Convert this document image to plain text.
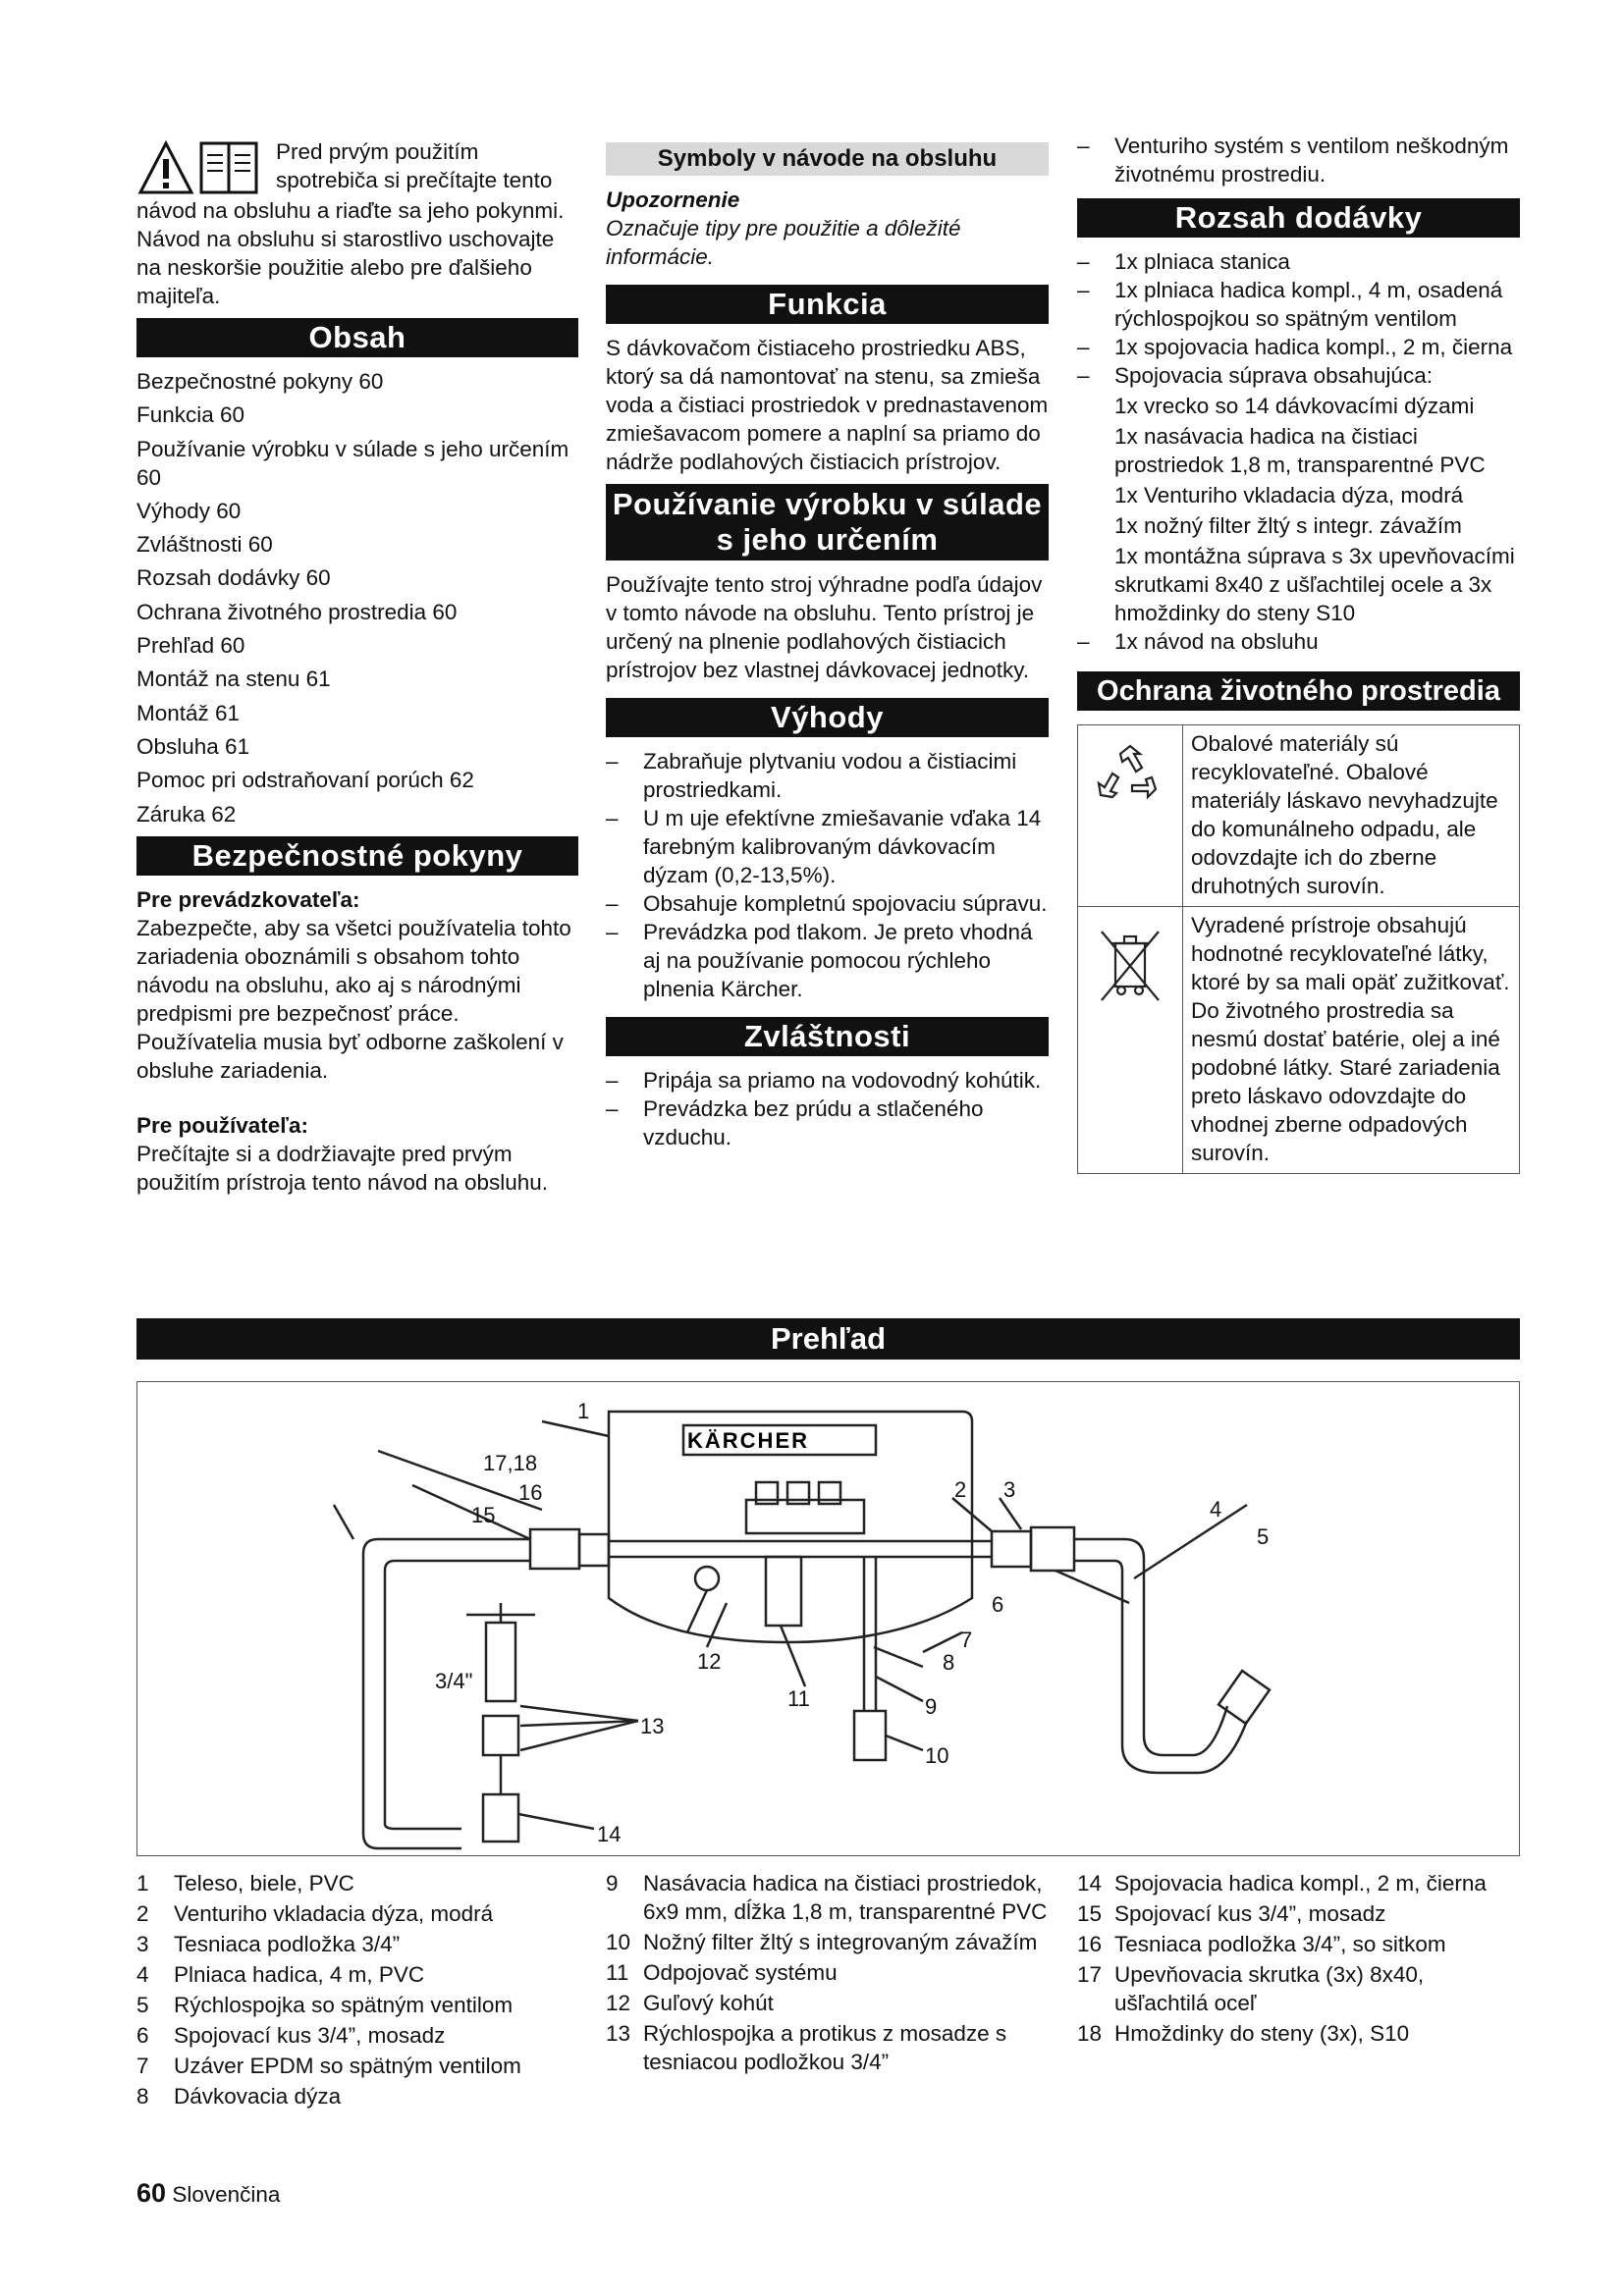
Pred prvým použitím

spotrebiča si prečítajte tento

návod na obsluhu a riaďte sa jeho pokynmi. Návod na obsluhu si starostlivo uschovajte na neskoršie použitie alebo pre ďalšieho majiteľa.

Obsah
Bezpečnostné pokyny 60
Funkcia 60
Používanie výrobku v súlade s jeho určením 60
Výhody 60
Zvláštnosti 60
Rozsah dodávky 60
Ochrana životného prostredia 60
Prehľad 60
Montáž na stenu 61
Montáž 61
Obsluha 61
Pomoc pri odstraňovaní porúch 62
Záruka 62
Bezpečnostné pokyny

Pre prevádzkovateľa:

Zabezpečte, aby sa všetci používatelia tohto zariadenia oboznámili s obsahom tohto návodu na obsluhu, ako aj s národnými predpismi pre bezpečnosť práce. Používatelia musia byť odborne zaškolení v obsluhe zariadenia.

Pre používateľa:

Prečítajte si a dodržiavajte pred prvým použitím prístroja tento návod na obsluhu.

Symboly v návode na obsluhu

Upozornenie

Označuje tipy pre použitie a dôležité informácie.

Funkcia

S dávkovačom čistiaceho prostriedku ABS, ktorý sa dá namontovať na stenu, sa zmieša voda a čistiaci prostriedok v prednastavenom zmiešavacom pomere a naplní sa priamo do nádrže podlahových čistiacich prístrojov.

Používanie výrobku v súlade
s jeho určením

Používajte tento stroj výhradne podľa údajov v tomto návode na obsluhu. Tento prístroj je určený na plnenie podlahových čistiacich prístrojov bez vlastnej dávkovacej jednotky.

Výhody
– Zabraňuje plytvaniu vodou a čistiacimi prostriedkami.
– U m uje efektívne zmiešavanie vďaka 14 farebným kalibrovaným dávkovacím dýzam (0,2-13,5%).
– Obsahuje kompletnú spojovaciu súpravu.
– Prevádzka pod tlakom. Je preto vhodná aj na používanie pomocou rýchleho plnenia Kärcher.
Zvláštnosti
– Pripája sa priamo na vodovodný kohútik.
– Prevádzka bez prúdu a stlačeného vzduchu.
– Venturiho systém s ventilom neškodným životnému prostrediu.
Rozsah dodávky
– 1x plniaca stanica
– 1x plniaca hadica kompl., 4 m, osadená rýchlospojkou so spätným ventilom
– 1x spojovacia hadica kompl., 2 m, čierna
– Spojovacia súprava obsahujúca:
1x vrecko so 14 dávkovacími dýzami
1x nasávacia hadica na čistiaci prostriedok 1,8 m, transparentné PVC
1x Venturiho vkladacia dýza, modrá
1x nožný filter žltý s integr. závažím
1x montážna súprava s 3x upevňovacími skrutkami 8x40 z ušľachtilej ocele a 3x hmoždinky do steny S10
– 1x návod na obsluhu
Ochrana životného prostredia
	Obalové materiály sú recyklovateľné. Obalové materiály láskavo nevyhadzujte do komunálneho odpadu, ale odovzdajte ich do zberne druhotných surovín.
	Vyradené prístroje obsahujú hodnotné recyklovateľné látky, ktoré by sa mali opäť zužitkovať. Do životného prostredia sa nesmú dostať batérie, olej a iné podobné látky. Staré zariadenia preto láskavo odovzdajte do vhodnej zberne odpadových surovín.
Prehľad
KÄRCHER
1
17,18
16
15
2 3
4
5
6
7
8
9
10
12
11
13
14
3/4"
1 Teleso, biele, PVC
2 Venturiho vkladacia dýza, modrá
3 Tesniaca podložka 3/4”
4 Plniaca hadica, 4 m, PVC
5 Rýchlospojka so spätným ventilom
6 Spojovací kus 3/4”, mosadz
7 Uzáver EPDM so spätným ventilom
8 Dávkovacia dýza
9 Nasávacia hadica na čistiaci prostriedok, 6x9 mm, dĺžka 1,8 m, transparentné PVC
10 Nožný filter žltý s integrovaným závažím
11 Odpojovač systému
12 Guľový kohút
13 Rýchlospojka a protikus z mosadze s tesniacou podložkou 3/4”
14 Spojovacia hadica kompl., 2 m, čierna
15 Spojovací kus 3/4”, mosadz
16 Tesniaca podložka 3/4”, so sitkom
17 Upevňovacia skrutka (3x) 8x40, ušľachtilá oceľ
18 Hmoždinky do steny (3x), S10
60 Slovenčina
